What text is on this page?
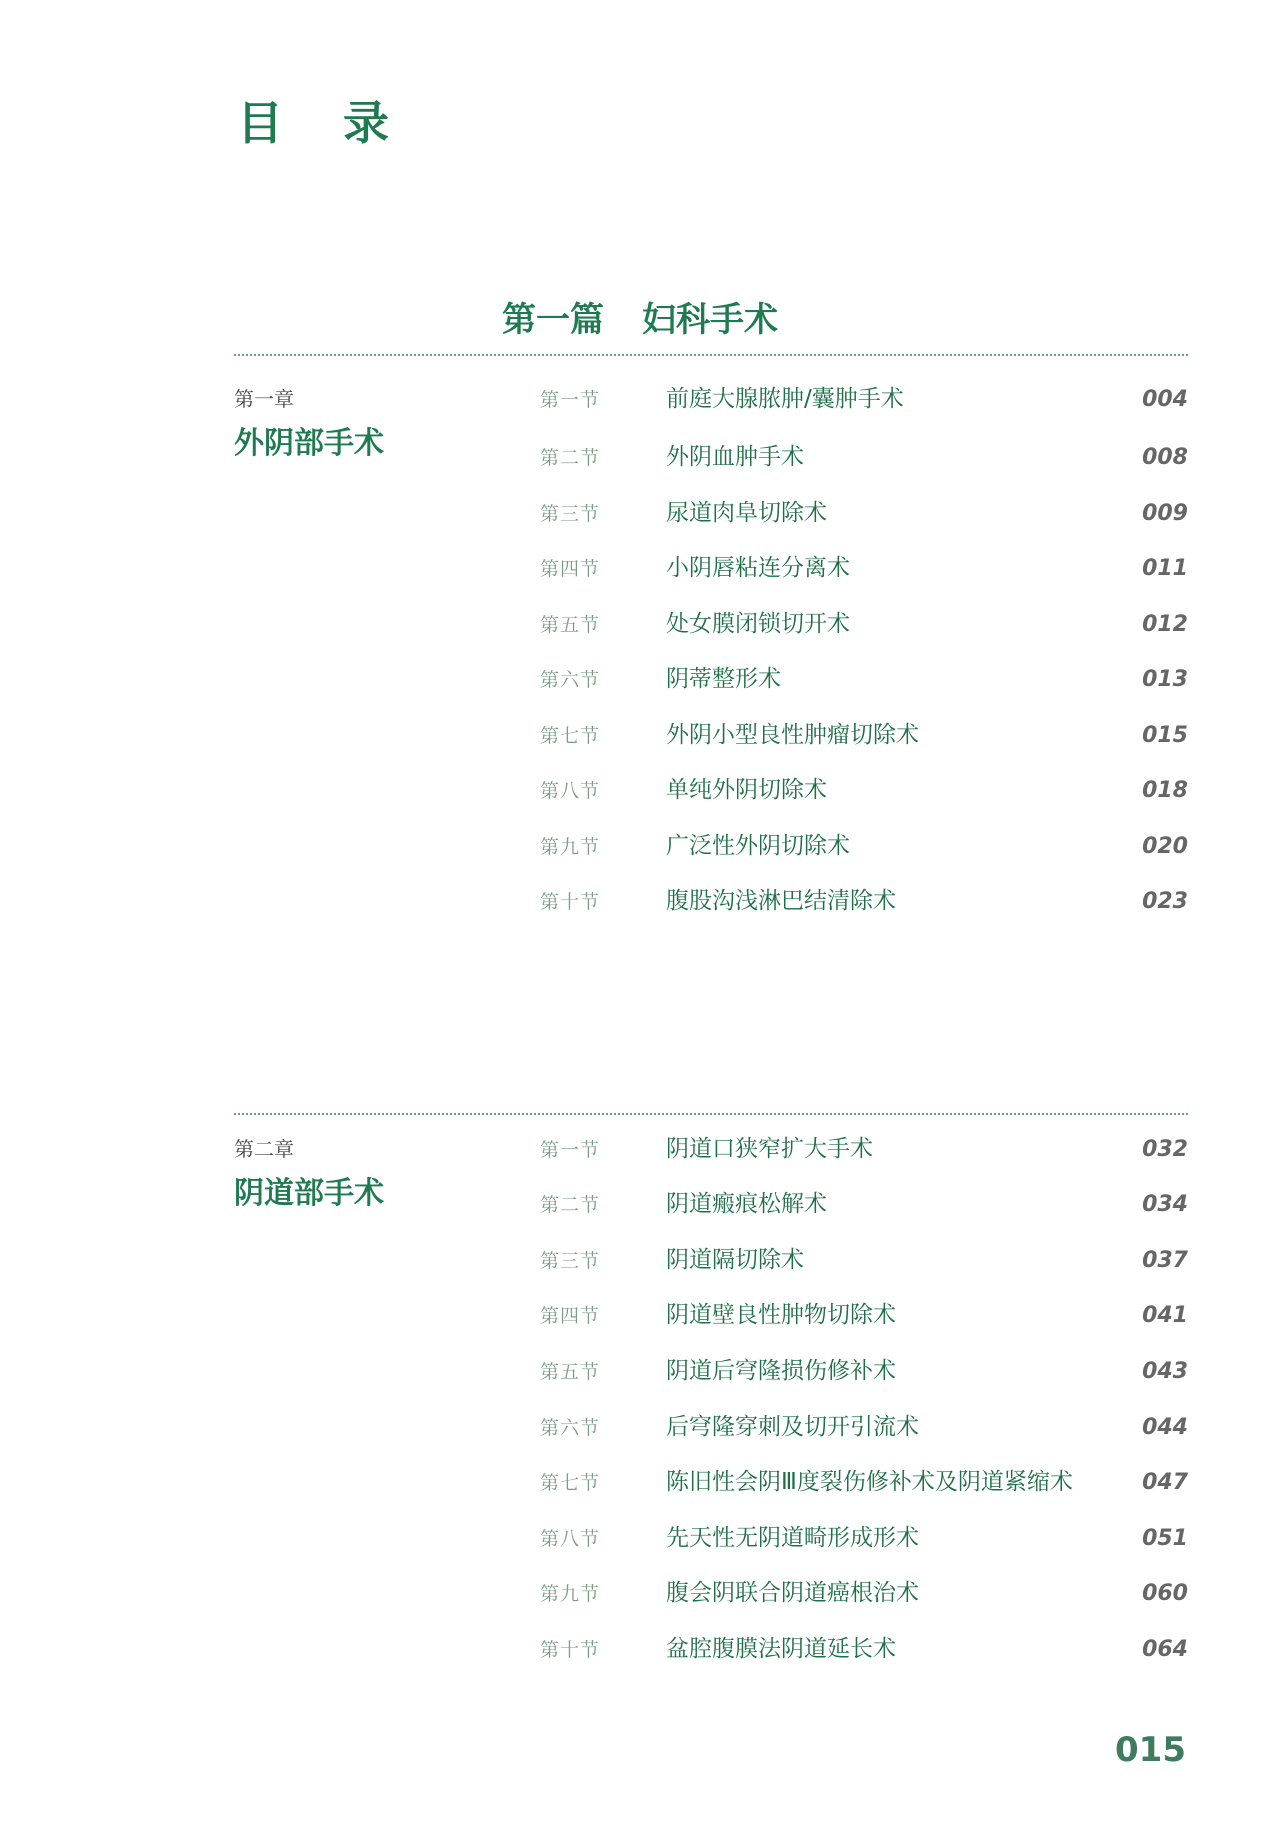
目 录
第一篇 妇科手术
第一章
外阴部手术
第一节	前庭大腺脓肿/囊肿手术	004
第二节	外阴血肿手术	008
第三节	尿道肉阜切除术	009
第四节	小阴唇粘连分离术	011
第五节	处女膜闭锁切开术	012
第六节	阴蒂整形术	013
第七节	外阴小型良性肿瘤切除术	015
第八节	单纯外阴切除术	018
第九节	广泛性外阴切除术	020
第十节	腹股沟浅淋巴结清除术	023
第二章
阴道部手术
第一节	阴道口狭窄扩大手术	032
第二节	阴道瘢痕松解术	034
第三节	阴道隔切除术	037
第四节	阴道壁良性肿物切除术	041
第五节	阴道后穹隆损伤修补术	043
第六节	后穹隆穿刺及切开引流术	044
第七节	陈旧性会阴Ⅲ度裂伤修补术及阴道紧缩术	047
第八节	先天性无阴道畸形成形术	051
第九节	腹会阴联合阴道癌根治术	060
第十节	盆腔腹膜法阴道延长术	064
015
